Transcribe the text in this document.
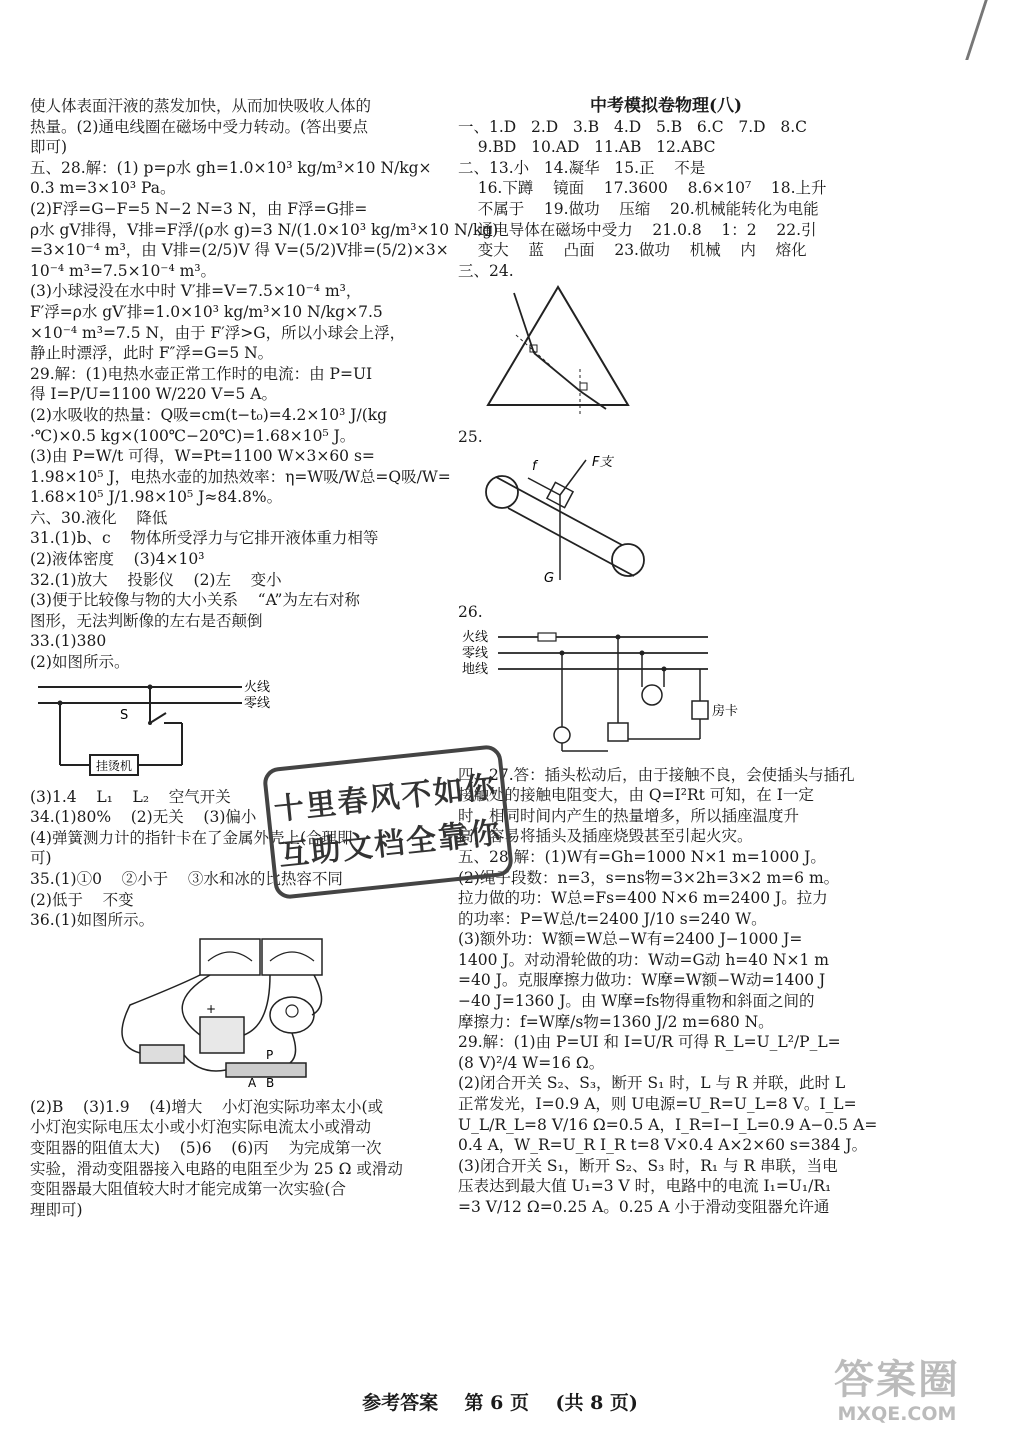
使人体表面汗液的蒸发加快，从而加快吸收人体的
热量。(2)通电线圈在磁场中受力转动。(答出要点
即可)
五、28.解：(1) p=ρ水 gh=1.0×10³ kg/m³×10 N/kg×
0.3 m=3×10³ Pa。
(2)F浮=G−F=5 N−2 N=3 N，由 F浮=G排=
ρ水 gV排得，V排=F浮/(ρ水 g)=3 N/(1.0×10³ kg/m³×10 N/kg)
=3×10⁻⁴ m³，由 V排=(2/5)V 得 V=(5/2)V排=(5/2)×3×
10⁻⁴ m³=7.5×10⁻⁴ m³。
(3)小球浸没在水中时 V′排=V=7.5×10⁻⁴ m³，
F′浮=ρ水 gV′排=1.0×10³ kg/m³×10 N/kg×7.5
×10⁻⁴ m³=7.5 N，由于 F′浮>G，所以小球会上浮，
静止时漂浮，此时 F″浮=G=5 N。
29.解：(1)电热水壶正常工作时的电流：由 P=UI
得 I=P/U=1100 W/220 V=5 A。
(2)水吸收的热量：Q吸=cm(t−t₀)=4.2×10³ J/(kg
·℃)×0.5 kg×(100℃−20℃)=1.68×10⁵ J。
(3)由 P=W/t 可得，W=Pt=1100 W×3×60 s=
1.98×10⁵ J，电热水壶的加热效率：η=W吸/W总=Q吸/W=
1.68×10⁵ J/1.98×10⁵ J≈84.8%。
六、30.液化    降低
31.(1)b、c    物体所受浮力与它排开液体重力相等
(2)液体密度    (3)4×10³
32.(1)放大    投影仪    (2)左    变小
(3)便于比较像与物的大小关系    “A”为左右对称
图形，无法判断像的左右是否颠倒
33.(1)380
(2)如图所示。
火线
零线
S
挂烫机
(3)1.4    L₁    L₂    空气开关
34.(1)80%    (2)无关    (3)偏小
(4)弹簧测力计的指针卡在了金属外壳上(合理即
可)
35.(1)①0    ②小于    ③水和冰的比热容不同
(2)低于    不变
36.(1)如图所示。
+
P
A B
(2)B    (3)1.9    (4)增大    小灯泡实际功率太小(或
小灯泡实际电压太小或小灯泡实际电流太小或滑动
变阻器的阻值太大)    (5)6    (6)丙    为完成第一次
实验，滑动变阻器接入电路的电阻至少为 25 Ω 或滑动
变阻器最大阻值较大时才能完成第一次实验(合
理即可)
中考模拟卷物理(八)
一、1.D   2.D   3.B   4.D   5.B   6.C   7.D   8.C
9.BD   10.AD   11.AB   12.ABC
二、13.小   14.凝华   15.正    不是
16.下蹲    镜面    17.3600    8.6×10⁷    18.上升
不属于    19.做功    压缩    20.机械能转化为电能
通电导体在磁场中受力    21.0.8    1：2    22.引
变大    蓝    凸面    23.做功    机械    内    熔化
三、24.
25.
f	F支
G
26.
火线
零线
地线
房卡
四、27.答：插头松动后，由于接触不良，会使插头与插孔
接触处的接触电阻变大，由 Q=I²Rt 可知，在 I一定
时，相同时间内产生的热量增多，所以插座温度升
高，容易将插头及插座烧毁甚至引起火灾。
五、28.解：(1)W有=Gh=1000 N×1 m=1000 J。
(2)绳子段数：n=3，s=ns物=3×2h=3×2 m=6 m。
拉力做的功：W总=Fs=400 N×6 m=2400 J。拉力
的功率：P=W总/t=2400 J/10 s=240 W。
(3)额外功：W额=W总−W有=2400 J−1000 J=
1400 J。对动滑轮做的功：W动=G动 h=40 N×1 m
=40 J。克服摩擦力做功：W摩=W额−W动=1400 J
−40 J=1360 J。由 W摩=fs物得重物和斜面之间的
摩擦力：f=W摩/s物=1360 J/2 m=680 N。
29.解：(1)由 P=UI 和 I=U/R 可得 R_L=U_L²/P_L=
(8 V)²/4 W=16 Ω。
(2)闭合开关 S₂、S₃，断开 S₁ 时，L 与 R 并联，此时 L
正常发光，I=0.9 A，则 U电源=U_R=U_L=8 V。I_L=
U_L/R_L=8 V/16 Ω=0.5 A，I_R=I−I_L=0.9 A−0.5 A=
0.4 A，W_R=U_R I_R t=8 V×0.4 A×2×60 s=384 J。
(3)闭合开关 S₁，断开 S₂、S₃ 时，R₁ 与 R 串联，当电
压表达到最大值 U₁=3 V 时，电路中的电流 I₁=U₁/R₁
=3 V/12 Ω=0.25 A。0.25 A 小于滑动变阻器允许通
十里春风不如你
互助文档全靠你
参考答案    第 6 页    (共 8 页)	答案圈
MXQE.COM
